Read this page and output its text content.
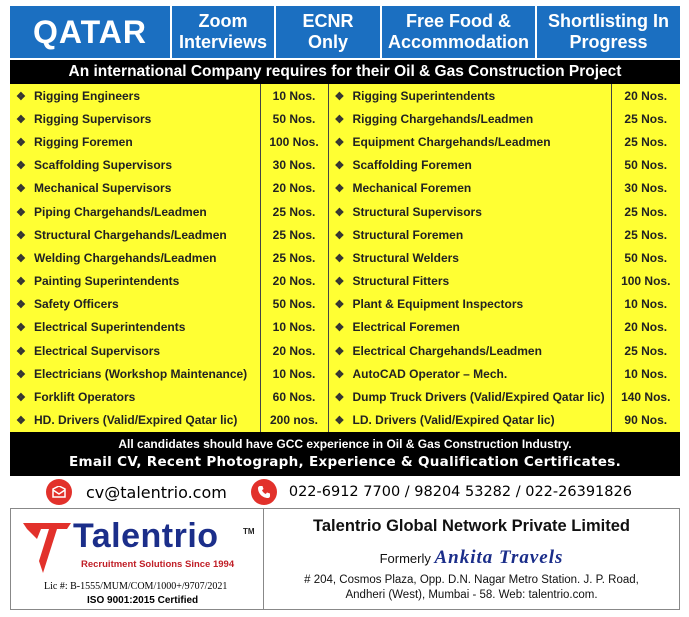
QATAR	Zoom
Interviews
ECNR
Only
Free Food &
Accommodation
Shortlisting In
Progress
An international Company requires for their Oil & Gas Construction Project
❖ Rigging Engineers	10 Nos.	❖ Rigging Superintendents	20 Nos.
❖ Rigging Supervisors	50 Nos.	❖ Rigging Chargehands/Leadmen	25 Nos.
❖ Rigging Foremen	100 Nos.	❖ Equipment Chargehands/Leadmen	25 Nos.
❖ Scaffolding Supervisors	30 Nos.	❖ Scaffolding Foremen	50 Nos.
❖ Mechanical Supervisors	20 Nos.	❖ Mechanical Foremen	30 Nos.
❖ Piping Chargehands/Leadmen	25 Nos.	❖ Structural Supervisors	25 Nos.
❖ Structural Chargehands/Leadmen	25 Nos.	❖ Structural Foremen	25 Nos.
❖ Welding Chargehands/Leadmen	25 Nos.	❖ Structural Welders	50 Nos.
❖ Painting Superintendents	20 Nos.	❖ Structural Fitters	100 Nos.
❖ Safety Officers	50 Nos.	❖ Plant & Equipment Inspectors	10 Nos.
❖ Electrical Superintendents	10 Nos.	❖ Electrical Foremen	20 Nos.
❖ Electrical Supervisors	20 Nos.	❖ Electrical Chargehands/Leadmen	25 Nos.
❖ Electricians (Workshop Maintenance)	10 Nos.	❖ AutoCAD Operator – Mech.	10 Nos.
❖ Forklift Operators	60 Nos.	❖ Dump Truck Drivers (Valid/Expired Qatar lic)	140 Nos.
❖ HD. Drivers (Valid/Expired Qatar lic)	200 nos.	❖ LD. Drivers (Valid/Expired Qatar lic)	90 Nos.
All candidates should have GCC experience in Oil & Gas Construction Industry.
Email CV, Recent Photograph, Experience & Qualification Certificates.
cv@talentrio.com	022-6912 7700 / 98204 53282 / 022-26391826
Talentrio	TM
Recruitment Solutions Since 1994
Lic #: B-1555/MUM/COM/1000+/9707/2021
ISO 9001:2015 Certified
Talentrio Global Network Private Limited
Formerly Ankita Travels
# 204, Cosmos Plaza, Opp. D.N. Nagar Metro Station. J. P. Road,
Andheri (West), Mumbai - 58. Web: talentrio.com.
